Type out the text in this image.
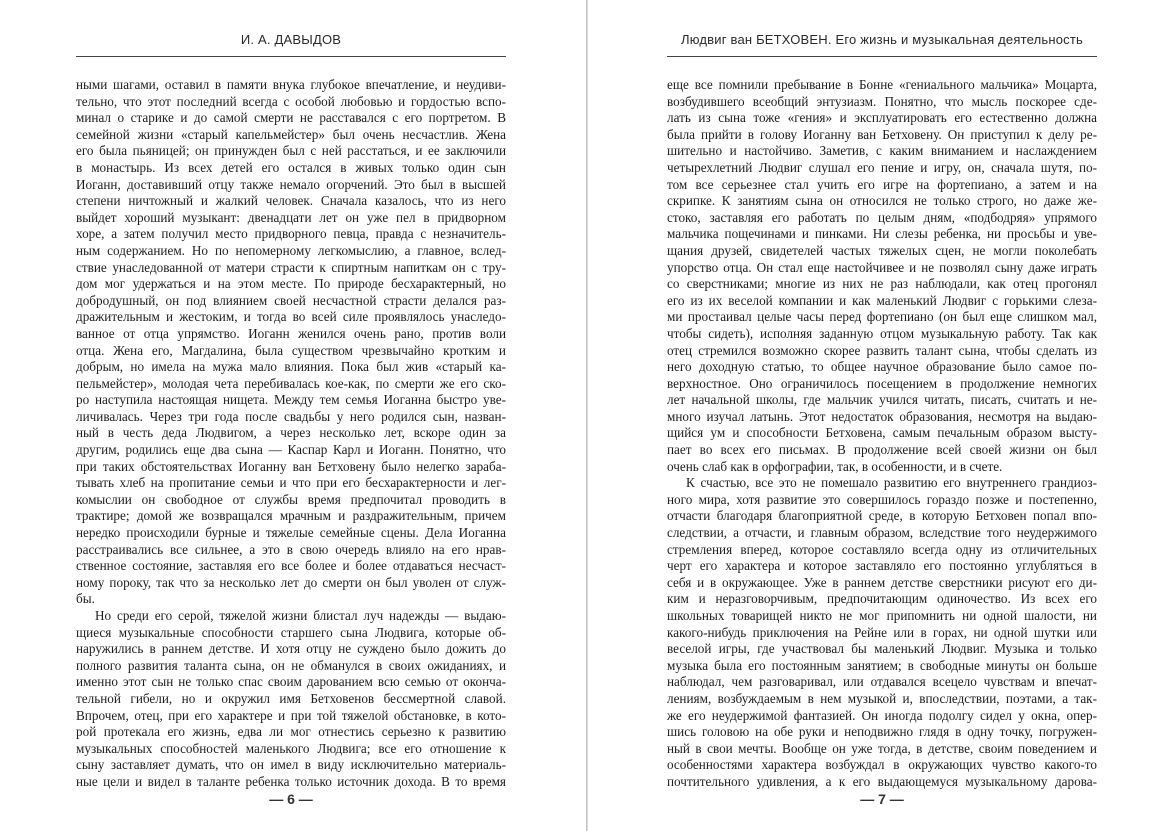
И. А. ДАВЫДОВ
ными шагами, оставил в памяти внука глубокое впечатление, и неудиви-
тельно, что этот последний всегда с особой любовью и гордостью вспо-
минал о старике и до самой смерти не расставался с его портретом. В
семейной жизни «старый капельмейстер» был очень несчастлив. Жена
его была пьяницей; он принужден был с ней расстаться, и ее заключили
в монастырь. Из всех детей его остался в живых только один сын
Иоганн, доставивший отцу также немало огорчений. Это был в высшей
степени ничтожный и жалкий человек. Сначала казалось, что из него
выйдет хороший музыкант: двенадцати лет он уже пел в придворном
хоре, а затем получил место придворного певца, правда с незначитель-
ным содержанием. Но по непомерному легкомыслию, а главное, вслед-
ствие унаследованной от матери страсти к спиртным напиткам он с тру-
дом мог удержаться и на этом месте. По природе бесхарактерный, но
добродушный, он под влиянием своей несчастной страсти делался раз-
дражительным и жестоким, и тогда во всей силе проявлялось унаследо-
ванное от отца упрямство. Иоганн женился очень рано, против воли
отца. Жена его, Магдалина, была существом чрезвычайно кротким и
добрым, но имела на мужа мало влияния. Пока был жив «старый ка-
пельмейстер», молодая чета перебивалась кое-как, по смерти же его ско-
ро наступила настоящая нищета. Между тем семья Иоганна быстро уве-
личивалась. Через три года после свадьбы у него родился сын, назван-
ный в честь деда Людвигом, а через несколько лет, вскоре один за
другим, родились еще два сына — Каспар Карл и Иоганн. Понятно, что
при таких обстоятельствах Иоганну ван Бетховену было нелегко зараба-
тывать хлеб на пропитание семьи и что при его бесхарактерности и лег-
комыслии он свободное от службы время предпочитал проводить в
трактире; домой же возвращался мрачным и раздражительным, причем
нередко происходили бурные и тяжелые семейные сцены. Дела Иоганна
расстраивались все сильнее, а это в свою очередь влияло на его нрав-
ственное состояние, заставляя его все более и более отдаваться несчаст-
ному пороку, так что за несколько лет до смерти он был уволен от служ-
бы.
Но среди его серой, тяжелой жизни блистал луч надежды — выдаю-
щиеся музыкальные способности старшего сына Людвига, которые об-
наружились в раннем детстве. И хотя отцу не суждено было дожить до
полного развития таланта сына, он не обманулся в своих ожиданиях, и
именно этот сын не только спас своим дарованием всю семью от оконча-
тельной гибели, но и окружил имя Бетховенов бессмертной славой.
Впрочем, отец, при его характере и при той тяжелой обстановке, в кото-
рой протекала его жизнь, едва ли мог отнестись серьезно к развитию
музыкальных способностей маленького Людвига; все его отношение к
сыну заставляет думать, что он имел в виду исключительно материаль-
ные цели и видел в таланте ребенка только источник дохода. В то время
— 6 —
Людвиг ван БЕТХОВЕН. Его жизнь и музыкальная деятельность
еще все помнили пребывание в Бонне «гениального мальчика» Моцарта,
возбудившего всеобщий энтузиазм. Понятно, что мысль поскорее сде-
лать из сына тоже «гения» и эксплуатировать его естественно должна
была прийти в голову Иоганну ван Бетховену. Он приступил к делу ре-
шительно и настойчиво. Заметив, с каким вниманием и наслаждением
четырехлетний Людвиг слушал его пение и игру, он, сначала шутя, по-
том все серьезнее стал учить его игре на фортепиано, а затем и на
скрипке. К занятиям сына он относился не только строго, но даже же-
стоко, заставляя его работать по целым дням, «подбодряя» упрямого
мальчика пощечинами и пинками. Ни слезы ребенка, ни просьбы и уве-
щания друзей, свидетелей частых тяжелых сцен, не могли поколебать
упорство отца. Он стал еще настойчивее и не позволял сыну даже играть
со сверстниками; многие из них не раз наблюдали, как отец прогонял
его из их веселой компании и как маленький Людвиг с горькими слеза-
ми простаивал целые часы перед фортепиано (он был еще слишком мал,
чтобы сидеть), исполняя заданную отцом музыкальную работу. Так как
отец стремился возможно скорее развить талант сына, чтобы сделать из
него доходную статью, то общее научное образование было самое по-
верхностное. Оно ограничилось посещением в продолжение немногих
лет начальной школы, где мальчик учился читать, писать, считать и не-
много изучал латынь. Этот недостаток образования, несмотря на выдаю-
щийся ум и способности Бетховена, самым печальным образом высту-
пает во всех его письмах. В продолжение всей своей жизни он был
очень слаб как в орфографии, так, в особенности, и в счете.
К счастью, все это не помешало развитию его внутреннего грандиоз-
ного мира, хотя развитие это совершилось гораздо позже и постепенно,
отчасти благодаря благоприятной среде, в которую Бетховен попал впо-
следствии, а отчасти, и главным образом, вследствие того неудержимого
стремления вперед, которое составляло всегда одну из отличительных
черт его характера и которое заставляло его постоянно углубляться в
себя и в окружающее. Уже в раннем детстве сверстники рисуют его ди-
ким и неразговорчивым, предпочитающим одиночество. Из всех его
школьных товарищей никто не мог припомнить ни одной шалости, ни
какого-нибудь приключения на Рейне или в горах, ни одной шутки или
веселой игры, где участвовал бы маленький Людвиг. Музыка и только
музыка была его постоянным занятием; в свободные минуты он больше
наблюдал, чем разговаривал, или отдавался всецело чувствам и впечат-
лениям, возбуждаемым в нем музыкой и, впоследствии, поэтами, а так-
же его неудержимой фантазией. Он иногда подолгу сидел у окна, опер-
шись головою на обе руки и неподвижно глядя в одну точку, погружен-
ный в свои мечты. Вообще он уже тогда, в детстве, своим поведением и
особенностями характера возбуждал в окружающих чувство какого-то
почтительного удивления, а к его выдающемуся музыкальному дарова-
— 7 —
